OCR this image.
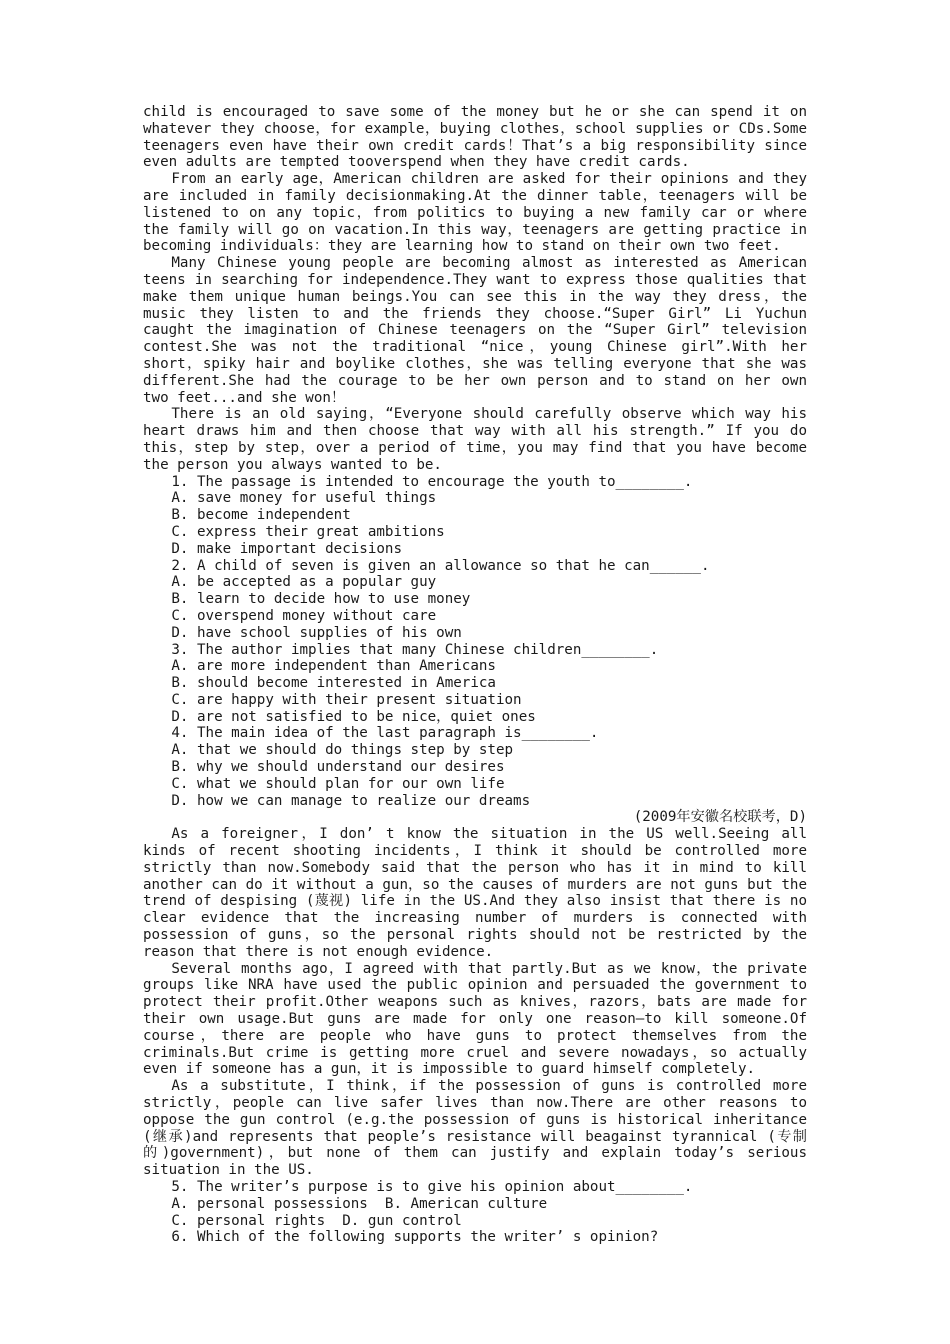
child is encouraged to save some of the money but he or she can spend it on whatever they choose，for example，buying clothes，school supplies or CDs.Some teenagers even have their own credit cards！That’s a big responsibility since even adults are tempted tooverspend when they have credit cards.

From an early age，American children are asked for their opinions and they are included in family decisionmaking.At the dinner table，teenagers will be listened to on any topic，from politics to buying a new family car or where the family will go on vacation.In this way，teenagers are getting practice in becoming individuals：they are learning how to stand on their own two feet.

Many Chinese young people are becoming almost as interested as American teens in searching for independence.They want to express those qualities that make them unique human beings.You can see this in the way they dress，the music they listen to and the friends they choose.“Super Girl” Li Yuchun caught the imagination of Chinese teenagers on the “Super Girl” television contest.She was not the traditional “nice，young Chinese girl”.With her short，spiky hair and boylike clothes，she was telling everyone that she was different.She had the courage to be her own person and to stand on her own two feet...and she won！

There is an old saying，“Everyone should carefully observe which way his heart draws him and then choose that way with all his strength.” If you do this，step by step，over a period of time，you may find that you have become the person you always wanted to be.

1. The passage is intended to encourage the youth to________.

A. save money for useful things

B. become independent

C. express their great ambitions

D. make important decisions

2. A child of seven is given an allowance so that he can______.

A. be accepted as a popular guy

B. learn to decide how to use money

C. overspend money without care

D. have school supplies of his own

3. The author implies that many Chinese children________.

A. are more independent than Americans

B. should become interested in America

C. are happy with their present situation

D. are not satisfied to be nice，quiet ones

4. The main idea of the last paragraph is________.

A. that we should do things step by step

B. why we should understand our desires

C. what we should plan for our own life

D. how we can manage to realize our dreams

(2009年安徽名校联考，D)

As a foreigner，I don’ t know the situation in the US well.Seeing all kinds of recent shooting incidents，I think it should be controlled more strictly than now.Somebody said that the person who has it in mind to kill another can do it without a gun，so the causes of murders are not guns but the trend of despising (蔑视) life in the US.And they also insist that there is no clear evidence that the increasing number of murders is connected with possession of guns，so the personal rights should not be restricted by the reason that there is not enough evidence.

Several months ago，I agreed with that partly.But as we know，the private groups like NRA have used the public opinion and persuaded the government to protect their profit.Other weapons such as knives，razors，bats are made for their own usage.But guns are made for only one reason—to kill someone.Of course，there are people who have guns to protect themselves from the criminals.But crime is getting more cruel and severe nowadays，so actually even if someone has a gun，it is impossible to guard himself completely.

As a substitute，I think，if the possession of guns is controlled more strictly，people can live safer lives than now.There are other reasons to oppose the gun control (e.g.the possession of guns is historical inheritance (继承)and represents that people’s resistance will beagainst tyrannical (专制的)government)，but none of them can justify and explain today’s serious situation in the US.

5. The writer’s purpose is to give his opinion about________.

A. personal possessions  B. American culture

C. personal rights  D. gun control

6. Which of the following supports the writer’ s opinion?
